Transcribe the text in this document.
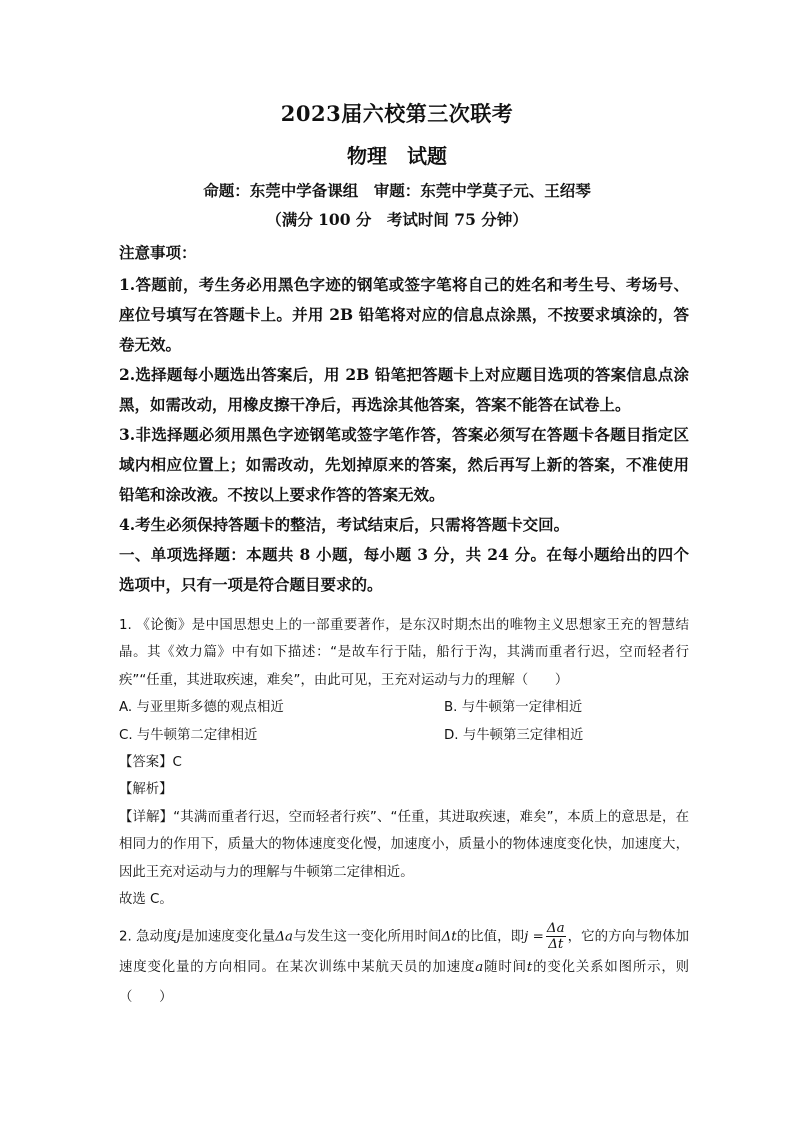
2023届六校第三次联考
物理　试题
命题：东莞中学备课组　审题：东莞中学莫子元、王绍琴
（满分 100 分　考试时间 75 分钟）

注意事项：

1.答题前，考生务必用黑色字迹的钢笔或签字笔将自己的姓名和考生号、考场号、座位号填写在答题卡上。并用 2B 铅笔将对应的信息点涂黑，不按要求填涂的，答卷无效。

2.选择题每小题选出答案后，用 2B 铅笔把答题卡上对应题目选项的答案信息点涂黑，如需改动，用橡皮擦干净后，再选涂其他答案，答案不能答在试卷上。

3.非选择题必须用黑色字迹钢笔或签字笔作答，答案必须写在答题卡各题目指定区域内相应位置上；如需改动，先划掉原来的答案，然后再写上新的答案，不准使用铅笔和涂改液。不按以上要求作答的答案无效。

4.考生必须保持答题卡的整洁，考试结束后，只需将答题卡交回。

一、单项选择题：本题共 8 小题，每小题 3 分，共 24 分。在每小题给出的四个选项中，只有一项是符合题目要求的。

1. 《论衡》是中国思想史上的一部重要著作，是东汉时期杰出的唯物主义思想家王充的智慧结晶。其《效力篇》中有如下描述：“是故车行于陆，船行于沟，其满而重者行迟，空而轻者行疾”“任重，其进取疾速，难矣”，由此可见，王充对运动与力的理解（　　）

A. 与亚里斯多德的观点相近	B. 与牛顿第一定律相近
C. 与牛顿第二定律相近	D. 与牛顿第三定律相近

【答案】C

【解析】

【详解】“其满而重者行迟，空而轻者行疾”、“任重，其进取疾速，难矣”，本质上的意思是，在相同力的作用下，质量大的物体速度变化慢，加速度小，质量小的物体速度变化快，加速度大，因此王充对运动与力的理解与牛顿第二定律相近。

故选 C。

2. 急动度j是加速度变化量Δa与发生这一变化所用时间Δt的比值，即$j = \frac{\Delta a}{\Delta t}$ ，它的方向与物体加速度变化量的方向相同。在某次训练中某航天员的加速度a随时间t的变化关系如图所示，则（　　）
